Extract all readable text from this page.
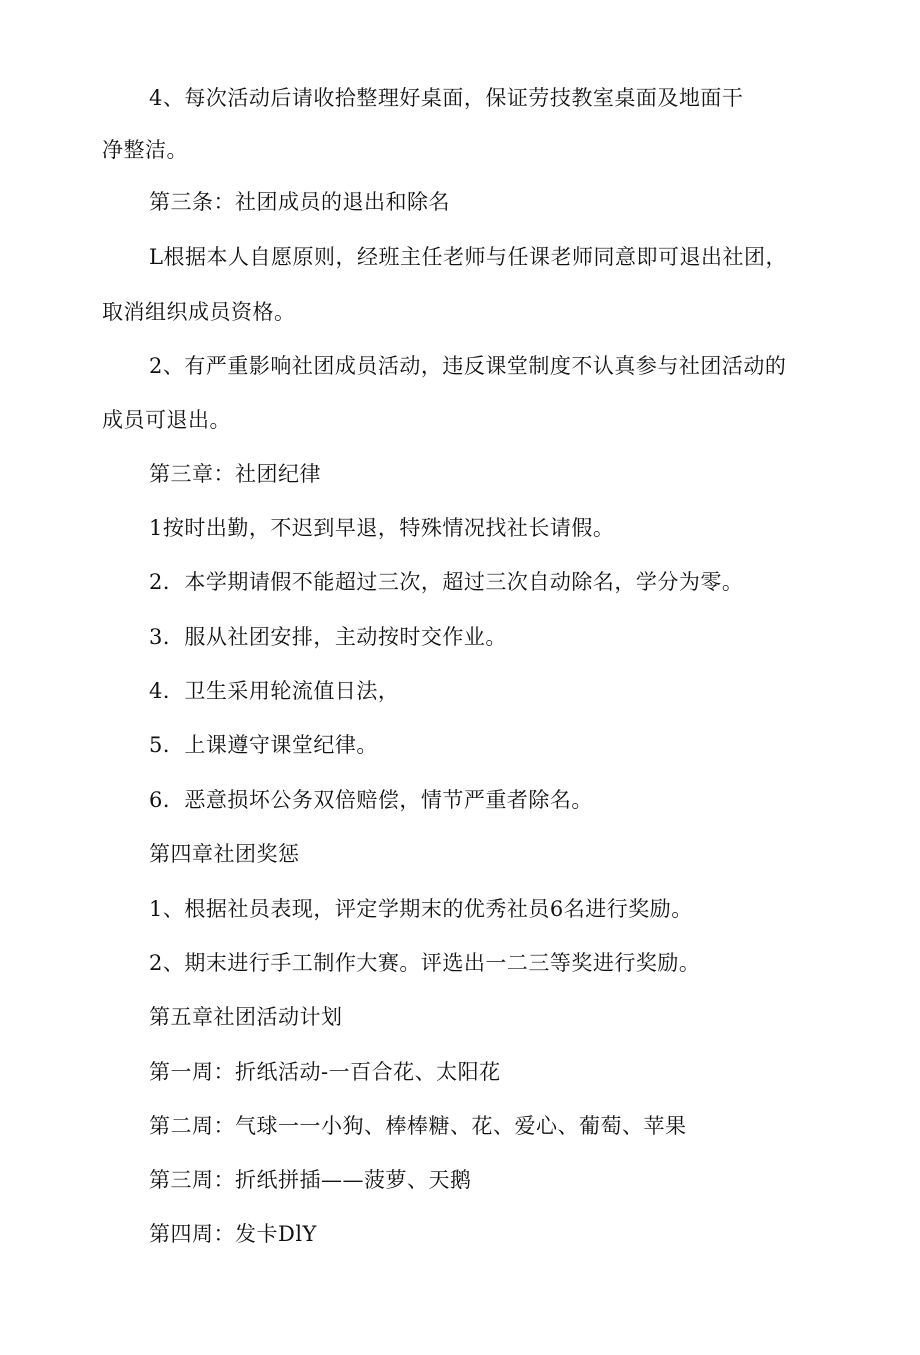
4、每次活动后请收拾整理好桌面，保证劳技教室桌面及地面干
净整洁。
第三条：社团成员的退出和除名
L根据本人自愿原则，经班主任老师与任课老师同意即可退出社团，
取消组织成员资格。
2、有严重影响社团成员活动，违反课堂制度不认真参与社团活动的
成员可退出。
第三章：社团纪律
1按时出勤，不迟到早退，特殊情况找社长请假。
2．本学期请假不能超过三次，超过三次自动除名，学分为零。
3．服从社团安排，主动按时交作业。
4．卫生采用轮流值日法，
5．上课遵守课堂纪律。
6．恶意损坏公务双倍赔偿，情节严重者除名。
第四章社团奖惩
1、根据社员表现，评定学期末的优秀社员6名进行奖励。
2、期末进行手工制作大赛。评选出一二三等奖进行奖励。
第五章社团活动计划
第一周：折纸活动-一百合花、太阳花
第二周：气球一一小狗、棒棒糖、花、爱心、葡萄、苹果
第三周：折纸拼插——菠萝、天鹅
第四周：发卡DlY
